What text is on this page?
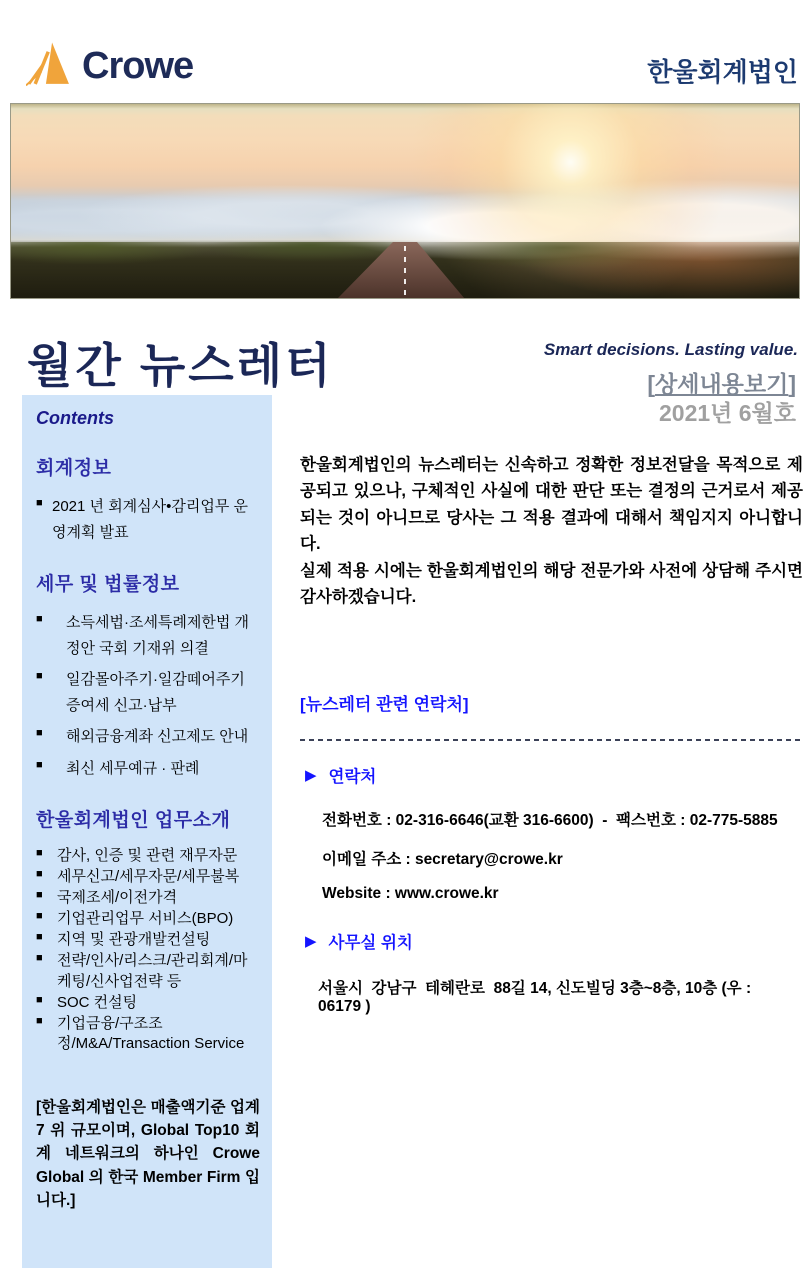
Crowe	한울회계법인
월간 뉴스레터	Smart decisions. Lasting value.
[상세내용보기]
2021년 6월호
Contents
회계정보
■ 2021 년 회계심사•감리업무 운영계획 발표
세무 및 법률정보
■	소득세법·조세특례제한법 개정안 국회 기재위 의결
■	일감몰아주기·일감떼어주기 증여세 신고·납부
■	해외금융계좌 신고제도 안내
■	최신 세무예규 · 판례
한울회계법인 업무소개
■ 감사, 인증 및 관련 재무자문
■ 세무신고/세무자문/세무불복
■ 국제조세/이전가격
■ 기업관리업무 서비스(BPO)
■ 지역 및 관광개발컨설팅
■ 전략/인사/리스크/관리회계/마케팅/신사업전략 등
■ SOC 컨설팅
■ 기업금융/구조조정/M&A/Transaction Service
[한울회계법인은 매출액기준 업계 7 위 규모이며, Global Top10 회계 네트워크의 하나인 Crowe Global 의 한국 Member Firm 입니다.]

한울회계법인의 뉴스레터는 신속하고 정확한 정보전달을 목적으로 제공되고 있으나, 구체적인 사실에 대한 판단 또는 결정의 근거로서 제공되는 것이 아니므로 당사는 그 적용 결과에 대해서 책임지지 아니합니다.

실제 적용 시에는 한울회계법인의 해당 전문가와 사전에 상담해 주시면 감사하겠습니다.

[뉴스레터 관련 연락처]
▶ 연락처
전화번호 : 02-316-6646(교환 316-6600)  -  팩스번호 : 02-775-5885
이메일 주소 : secretary@crowe.kr
Website : www.crowe.kr
▶ 사무실 위치
서울시  강남구  테헤란로  88길 14, 신도빌딩 3층~8층, 10층 (우 : 06179 )
